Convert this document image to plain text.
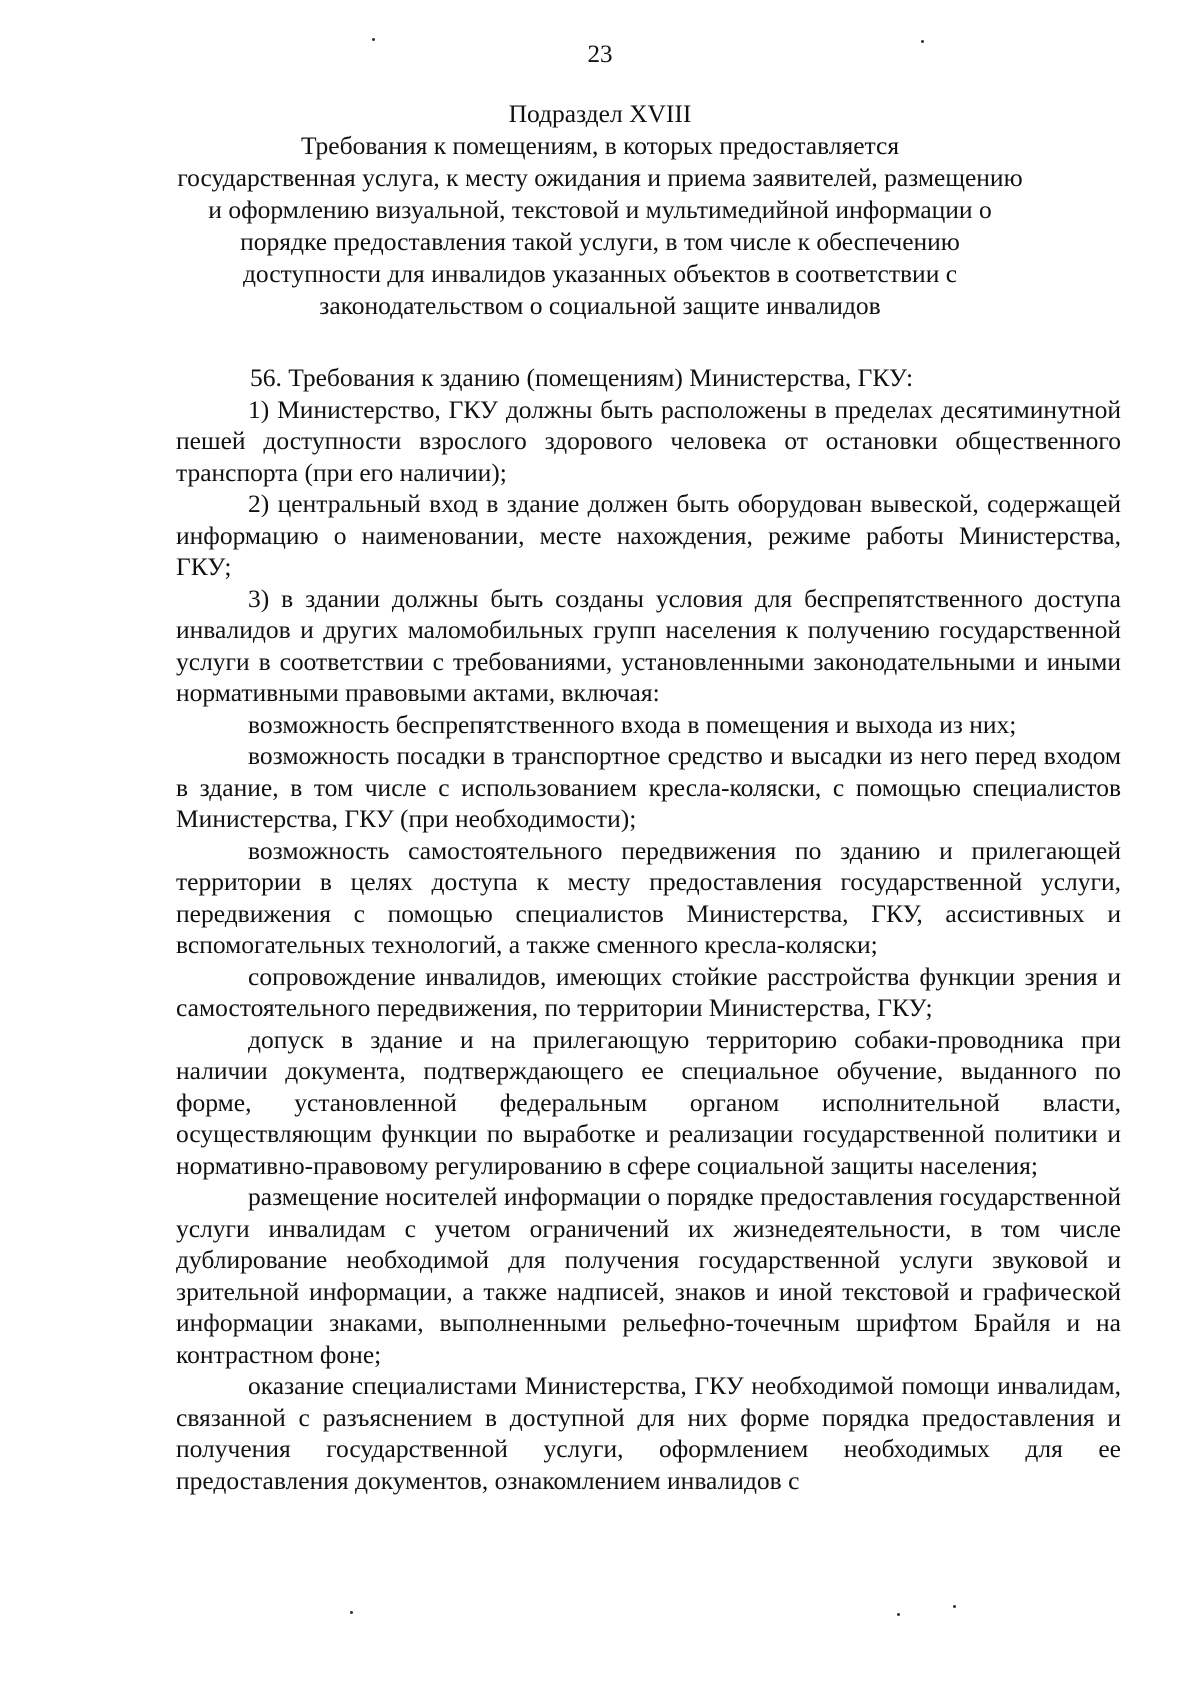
23
Подраздел XVIII
Требования к помещениям, в которых предоставляется
государственная услуга, к месту ожидания и приема заявителей, размещению
и оформлению визуальной, текстовой и мультимедийной информации о
порядке предоставления такой услуги, в том числе к обеспечению
доступности для инвалидов указанных объектов в соответствии с
законодательством о социальной защите инвалидов

56. Требования к зданию (помещениям) Министерства, ГКУ:

1) Министерство, ГКУ должны быть расположены в пределах десятиминутной пешей доступности взрослого здорового человека от остановки общественного транспорта (при его наличии);

2) центральный вход в здание должен быть оборудован вывеской, содержащей информацию о наименовании, месте нахождения, режиме работы Министерства, ГКУ;

3) в здании должны быть созданы условия для беспрепятственного доступа инвалидов и других маломобильных групп населения к получению государственной услуги в соответствии с требованиями, установленными законодательными и иными нормативными правовыми актами, включая:

возможность беспрепятственного входа в помещения и выхода из них;

возможность посадки в транспортное средство и высадки из него перед входом в здание, в том числе с использованием кресла-коляски, с помощью специалистов Министерства, ГКУ (при необходимости);

возможность самостоятельного передвижения по зданию и прилегающей территории в целях доступа к месту предоставления государственной услуги, передвижения с помощью специалистов Министерства, ГКУ, ассистивных и вспомогательных технологий, а также сменного кресла-коляски;

сопровождение инвалидов, имеющих стойкие расстройства функции зрения и самостоятельного передвижения, по территории Министерства, ГКУ;

допуск в здание и на прилегающую территорию собаки-проводника при наличии документа, подтверждающего ее специальное обучение, выданного по форме, установленной федеральным органом исполнительной власти, осуществляющим функции по выработке и реализации государственной политики и нормативно-правовому регулированию в сфере социальной защиты населения;

размещение носителей информации о порядке предоставления государственной услуги инвалидам с учетом ограничений их жизнедеятельности, в том числе дублирование необходимой для получения государственной услуги звуковой и зрительной информации, а также надписей, знаков и иной текстовой и графической информации знаками, выполненными рельефно-точечным шрифтом Брайля и на контрастном фоне;

оказание специалистами Министерства, ГКУ необходимой помощи инвалидам, связанной с разъяснением в доступной для них форме порядка предоставления и получения государственной услуги, оформлением необходимых для ее предоставления документов, ознакомлением инвалидов с
